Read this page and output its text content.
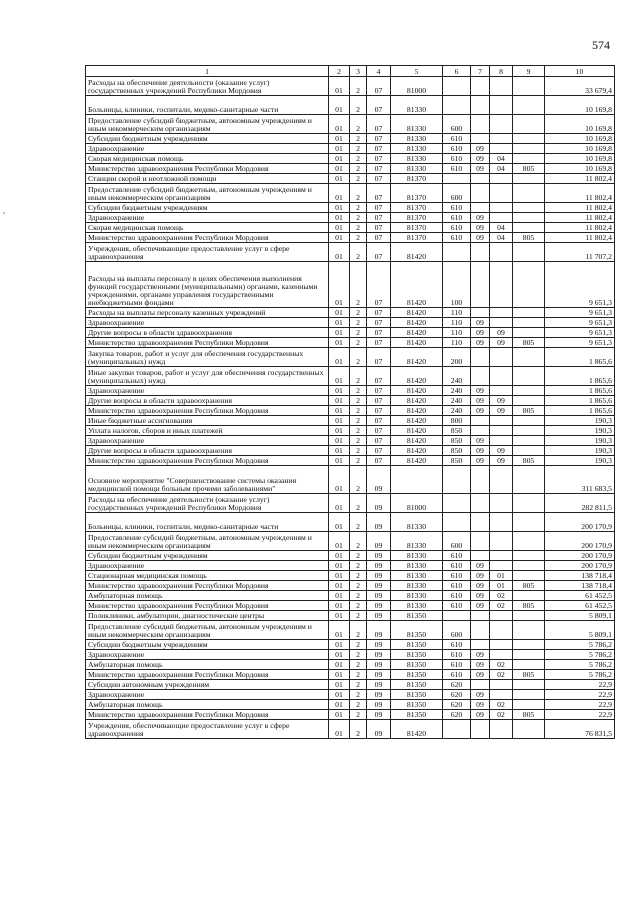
574
,
1	2	3	4	5	6	7	8	9	10
Расходы на обеспечение деятельности (оказание услуг) государственных учреждений Республики Мордовия	01	2	07	81000					33 679,4
Больницы, клиники, госпитали, медико-санитарные части	01	2	07	81330					10 169,8
Предоставление субсидий бюджетным, автономным учреждениям и иным некоммерческим организациям	01	2	07	81330	600				10 169,8
Субсидии бюджетным учреждениям	01	2	07	81330	610				10 169,8
Здравоохранение	01	2	07	81330	610	09			10 169,8
Скорая медицинская помощь	01	2	07	81330	610	09	04		10 169,8
Министерство здравоохранения Республики Мордовия	01	2	07	81330	610	09	04	805	10 169,8
Станции скорой и неотложной помощи	01	2	07	81370					11 802,4
Предоставление субсидий бюджетным, автономным учреждениям и иным некоммерческим организациям	01	2	07	81370	600				11 802,4
Субсидии бюджетным учреждениям	01	2	07	81370	610				11 802,4
Здравоохранение	01	2	07	81370	610	09			11 802,4
Скорая медицинская помощь	01	2	07	81370	610	09	04		11 802,4
Министерство здравоохранения Республики Мордовия	01	2	07	81370	610	09	04	805	11 802,4
Учреждения, обеспечивающие предоставление услуг в сфере здравоохранения	01	2	07	81420					11 707,2
Расходы на выплаты персоналу в целях обеспечения выполнения функций государственными (муниципальными) органами, казенными учреждениями, органами управления государственными внебюджетными фондами	01	2	07	81420	100				9 651,3
Расходы на выплаты персоналу казенных учреждений	01	2	07	81420	110				9 651,3
Здравоохранение	01	2	07	81420	110	09			9 651,3
Другие вопросы в области здравоохранения	01	2	07	81420	110	09	09		9 651,3
Министерство здравоохранения Республики Мордовия	01	2	07	81420	110	09	09	805	9 651,3
Закупка товаров, работ и услуг для обеспечения государственных (муниципальных) нужд	01	2	07	81420	200				1 865,6
Иные закупки товаров, работ и услуг для обеспечения государственных (муниципальных) нужд	01	2	07	81420	240				1 865,6
Здравоохранение	01	2	07	81420	240	09			1 865,6
Другие вопросы в области здравоохранения	01	2	07	81420	240	09	09		1 865,6
Министерство здравоохранения Республики Мордовия	01	2	07	81420	240	09	09	805	1 865,6
Иные бюджетные ассигнования	01	2	07	81420	800				190,3
Уплата налогов, сборов и иных платежей	01	2	07	81420	850				190,3
Здравоохранение	01	2	07	81420	850	09			190,3
Другие вопросы в области здравоохранения	01	2	07	81420	850	09	09		190,3
Министерство здравоохранения Республики Мордовия	01	2	07	81420	850	09	09	805	190,3
Основное мероприятие "Совершенствование системы оказания медицинской помощи больным прочими заболеваниями"	01	2	09						311 683,5
Расходы на обеспечение деятельности (оказание услуг) государственных учреждений Республики Мордовия	01	2	09	81000					282 811,5
Больницы, клиники, госпитали, медико-санитарные части	01	2	09	81330					200 170,9
Предоставление субсидий бюджетным, автономным учреждениям и иным некоммерческим организациям	01	2	09	81330	600				200 170,9
Субсидии бюджетным учреждениям	01	2	09	81330	610				200 170,9
Здравоохранение	01	2	09	81330	610	09			200 170,9
Стационарная медицинская помощь	01	2	09	81330	610	09	01		138 718,4
Министерство здравоохранения Республики Мордовия	01	2	09	81330	610	09	01	805	138 718,4
Амбулаторная помощь	01	2	09	81330	610	09	02		61 452,5
Министерство здравоохранения Республики Мордовия	01	2	09	81330	610	09	02	805	61 452,5
Поликлиники, амбулатории, диагностические центры	01	2	09	81350					5 809,1
Предоставление субсидий бюджетным, автономным учреждениям и иным некоммерческим организациям	01	2	09	81350	600				5 809,1
Субсидии бюджетным учреждениям	01	2	09	81350	610				5 786,2
Здравоохранение	01	2	09	81350	610	09			5 786,2
Амбулаторная помощь	01	2	09	81350	610	09	02		5 786,2
Министерство здравоохранения Республики Мордовия	01	2	09	81350	610	09	02	805	5 786,2
Субсидии автономным учреждениям	01	2	09	81350	620				22,9
Здравоохранение	01	2	09	81350	620	09			22,9
Амбулаторная помощь	01	2	09	81350	620	09	02		22,9
Министерство здравоохранения Республики Мордовия	01	2	09	81350	620	09	02	805	22,9
Учреждения, обеспечивающие предоставление услуг в сфере здравоохранения	01	2	09	81420					76 831,5
